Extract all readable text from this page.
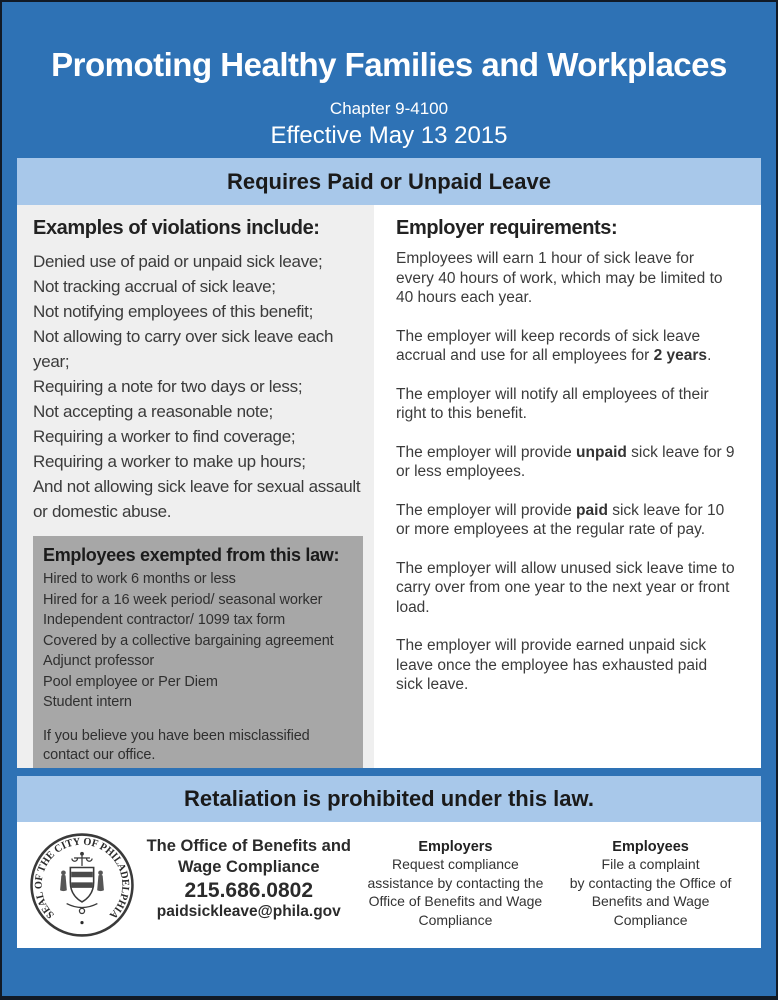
Promoting Healthy Families and Workplaces
Chapter 9-4100
Effective May 13 2015
Requires Paid or Unpaid Leave
Examples of violations include:
Denied use of paid or unpaid sick leave;
Not tracking accrual of sick leave;
Not notifying employees of this benefit;
Not allowing to carry over sick leave each year;
Requiring a note for two days or less;
Not accepting a reasonable note;
Requiring a worker to find coverage;
Requiring a worker to make up hours;
And not allowing sick leave for sexual assault or domestic abuse.
Employees exempted from this law:
Hired to work 6 months or less
Hired for a 16 week period/ seasonal worker
Independent contractor/ 1099 tax form
Covered by a collective bargaining agreement
Adjunct professor
Pool employee or Per Diem
Student intern
If you believe you have been misclassified contact our office.
Employer requirements:

Employees will earn 1 hour of sick leave for every 40 hours of work, which may be limited to 40 hours each year.

The employer will keep records of sick leave accrual and use for all employees for 2 years.

The employer will notify all employees of their right to this benefit.

The employer will provide unpaid sick leave for 9 or less employees.

The employer will provide paid sick leave for 10 or more employees at the regular rate of pay.

The employer will allow unused sick leave time to carry over from one year to the next year or front load.

The employer will provide earned unpaid sick leave once the employee has exhausted paid sick leave.

Retaliation is prohibited under this law.
SEAL OF THE CITY OF PHILADELPHIA
The Office of Benefits and
Wage Compliance
215.686.0802
paidsickleave@phila.gov
Employers
Request compliance
assistance by contacting the
Office of Benefits and Wage
Compliance
Employees
File a complaint
by contacting the Office of
Benefits and Wage
Compliance
